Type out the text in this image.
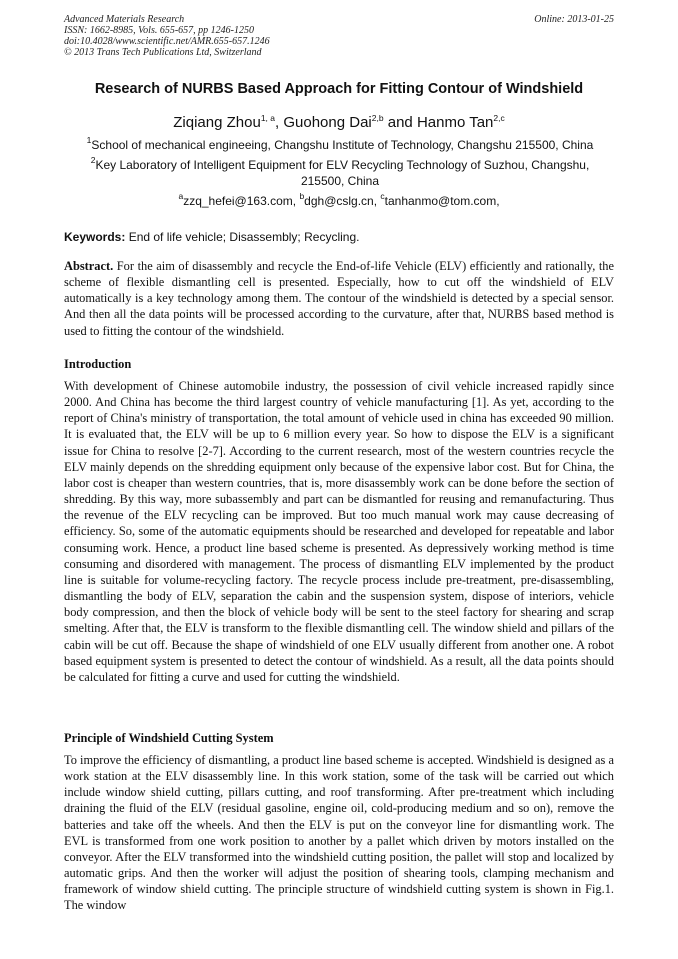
Advanced Materials Research
ISSN: 1662-8985, Vols. 655-657, pp 1246-1250
doi:10.4028/www.scientific.net/AMR.655-657.1246
© 2013 Trans Tech Publications Ltd, Switzerland
Online: 2013-01-25
Research of NURBS Based Approach for Fitting Contour of Windshield
Ziqiang Zhou$^{1, a}$, Guohong Dai$^{2,b}$ and Hanmo Tan$^{2,c}$
$^1$School of mechanical engineeing, Changshu Institute of Technology, Changshu 215500, China
$^2$Key Laboratory of Intelligent Equipment for ELV Recycling Technology of Suzhou, Changshu, 215500, China
$^a$zzq_hefei@163.com, $^b$dgh@cslg.cn, $^c$tanhanmo@tom.com,
Keywords: End of life vehicle; Disassembly; Recycling.

Abstract. For the aim of disassembly and recycle the End-of-life Vehicle (ELV) efficiently and rationally, the scheme of flexible dismantling cell is presented. Especially, how to cut off the windshield of ELV automatically is a key technology among them. The contour of the windshield is detected by a special sensor. And then all the data points will be processed according to the curvature, after that, NURBS based method is used to fitting the contour of the windshield.

Introduction

With development of Chinese automobile industry, the possession of civil vehicle increased rapidly since 2000. And China has become the third largest country of vehicle manufacturing [1]. As yet, according to the report of China's ministry of transportation, the total amount of vehicle used in china has exceeded 90 million. It is evaluated that, the ELV will be up to 6 million every year. So how to dispose the ELV is a significant issue for China to resolve [2-7]. According to the current research, most of the western countries recycle the ELV mainly depends on the shredding equipment only because of the expensive labor cost. But for China, the labor cost is cheaper than western countries, that is, more disassembly work can be done before the section of shredding. By this way, more subassembly and part can be dismantled for reusing and remanufacturing. Thus the revenue of the ELV recycling can be improved. But too much manual work may cause decreasing of efficiency. So, some of the automatic equipments should be researched and developed for repeatable and labor consuming work. Hence, a product line based scheme is presented. As depressively working method is time consuming and disordered with management. The process of dismantling ELV implemented by the product line is suitable for volume-recycling factory. The recycle process include pre-treatment, pre-disassembling, dismantling the body of ELV, separation the cabin and the suspension system, dispose of interiors, vehicle body compression, and then the block of vehicle body will be sent to the steel factory for shearing and scrap smelting. After that, the ELV is transform to the flexible dismantling cell. The window shield and pillars of the cabin will be cut off. Because the shape of windshield of one ELV usually different from another one. A robot based equipment system is presented to detect the contour of windshield. As a result, all the data points should be calculated for fitting a curve and used for cutting the windshield.

Principle of Windshield Cutting System

To improve the efficiency of dismantling, a product line based scheme is accepted. Windshield is designed as a work station at the ELV disassembly line. In this work station, some of the task will be carried out which include window shield cutting, pillars cutting, and roof transforming. After pre-treatment which including draining the fluid of the ELV (residual gasoline, engine oil, cold-producing medium and so on), remove the batteries and take off the wheels. And then the ELV is put on the conveyor line for dismantling work. The EVL is transformed from one work position to another by a pallet which driven by motors installed on the conveyor. After the ELV transformed into the windshield cutting position, the pallet will stop and localized by automatic grips. And then the worker will adjust the position of shearing tools, clamping mechanism and framework of window shield cutting. The principle structure of windshield cutting system is shown in Fig.1. The window
